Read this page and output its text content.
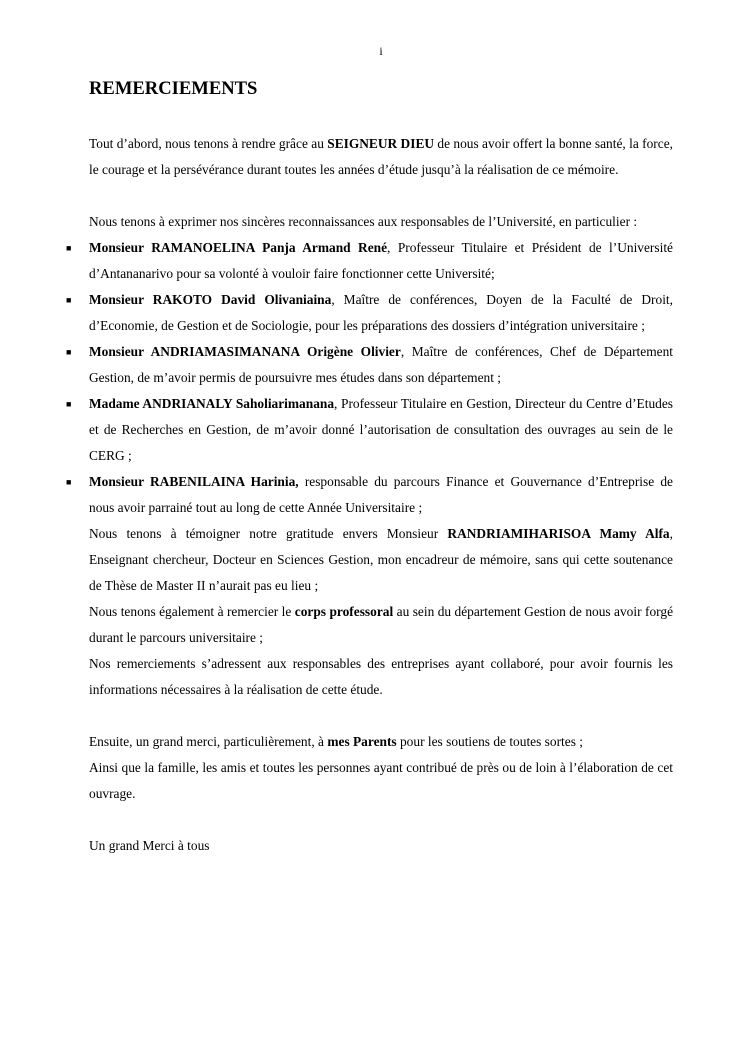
i
REMERCIEMENTS

Tout d’abord, nous tenons à rendre grâce au SEIGNEUR DIEU de nous avoir offert la bonne santé, la force, le courage et la persévérance durant toutes les années d’étude jusqu’à la réalisation de ce mémoire.

Nous tenons à exprimer nos sincères reconnaissances aux responsables de l’Université, en particulier :

■ Monsieur RAMANOELINA Panja Armand René, Professeur Titulaire et Président de l’Université d’Antananarivo pour sa volonté à vouloir faire fonctionner cette Université;
■ Monsieur RAKOTO David Olivaniaina, Maître de conférences, Doyen de la Faculté de Droit, d’Economie, de Gestion et de Sociologie, pour les préparations des dossiers d’intégration universitaire ;
■ Monsieur ANDRIAMASIMANANA Origène Olivier, Maître de conférences, Chef de Département Gestion, de m’avoir permis de poursuivre mes études dans son département ;
■ Madame ANDRIANALY Saholiarimanana, Professeur Titulaire en Gestion, Directeur du Centre d’Etudes et de Recherches en Gestion, de m’avoir donné l’autorisation de consultation des ouvrages au sein de le CERG ;
■ Monsieur RABENILAINA Harinia, responsable du parcours Finance et Gouvernance d’Entreprise de nous avoir parrainé tout au long de cette Année Universitaire ;

Nous tenons à témoigner notre gratitude envers Monsieur RANDRIAMIHARISOA Mamy Alfa, Enseignant chercheur, Docteur en Sciences Gestion, mon encadreur de mémoire, sans qui cette soutenance de Thèse de Master II n’aurait pas eu lieu ;

Nous tenons également à remercier le corps professoral au sein du département Gestion de nous avoir forgé durant le parcours universitaire ;

Nos remerciements s’adressent aux responsables des entreprises ayant collaboré, pour avoir fournis les informations nécessaires à la réalisation de cette étude.

Ensuite, un grand merci, particulièrement, à mes Parents pour les soutiens de toutes sortes ;

Ainsi que la famille, les amis et toutes les personnes ayant contribué de près ou de loin à l’élaboration de cet ouvrage.

Un grand Merci à tous
